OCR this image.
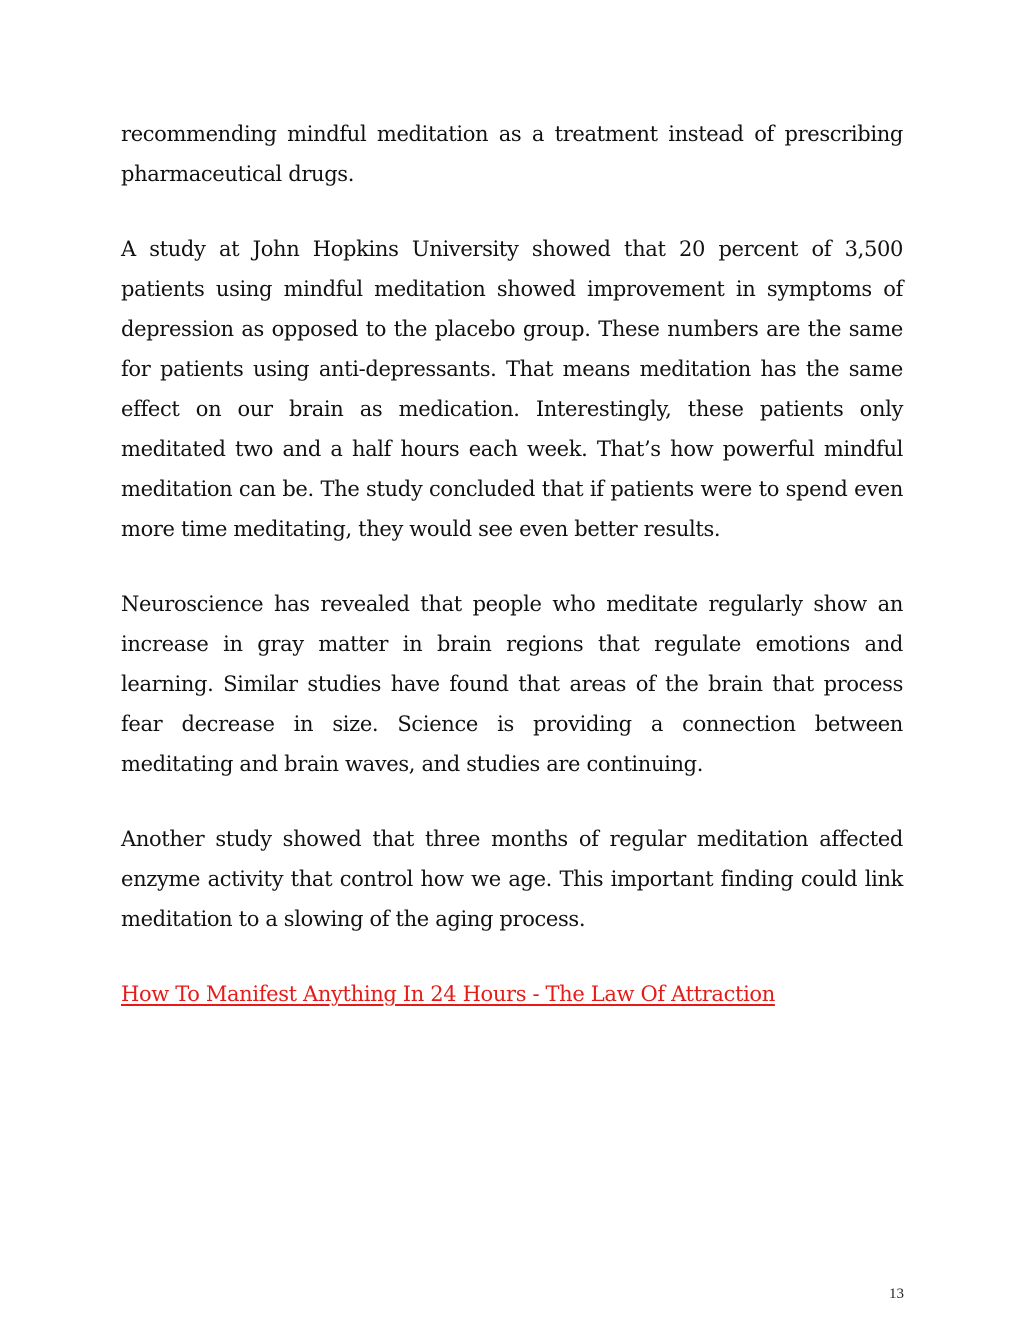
recommending mindful meditation as a treatment instead of prescribing pharmaceutical drugs.

A study at John Hopkins University showed that 20 percent of 3,500 patients using mindful meditation showed improvement in symptoms of depression as opposed to the placebo group. These numbers are the same for patients using anti-depressants. That means meditation has the same effect on our brain as medication. Interestingly, these patients only meditated two and a half hours each week. That’s how powerful mindful meditation can be. The study concluded that if patients were to spend even more time meditating, they would see even better results.

Neuroscience has revealed that people who meditate regularly show an increase in gray matter in brain regions that regulate emotions and learning. Similar studies have found that areas of the brain that process fear decrease in size. Science is providing a connection between meditating and brain waves, and studies are continuing.

Another study showed that three months of regular meditation affected enzyme activity that control how we age. This important finding could link meditation to a slowing of the aging process.

How To Manifest Anything In 24 Hours - The Law Of Attraction
13
